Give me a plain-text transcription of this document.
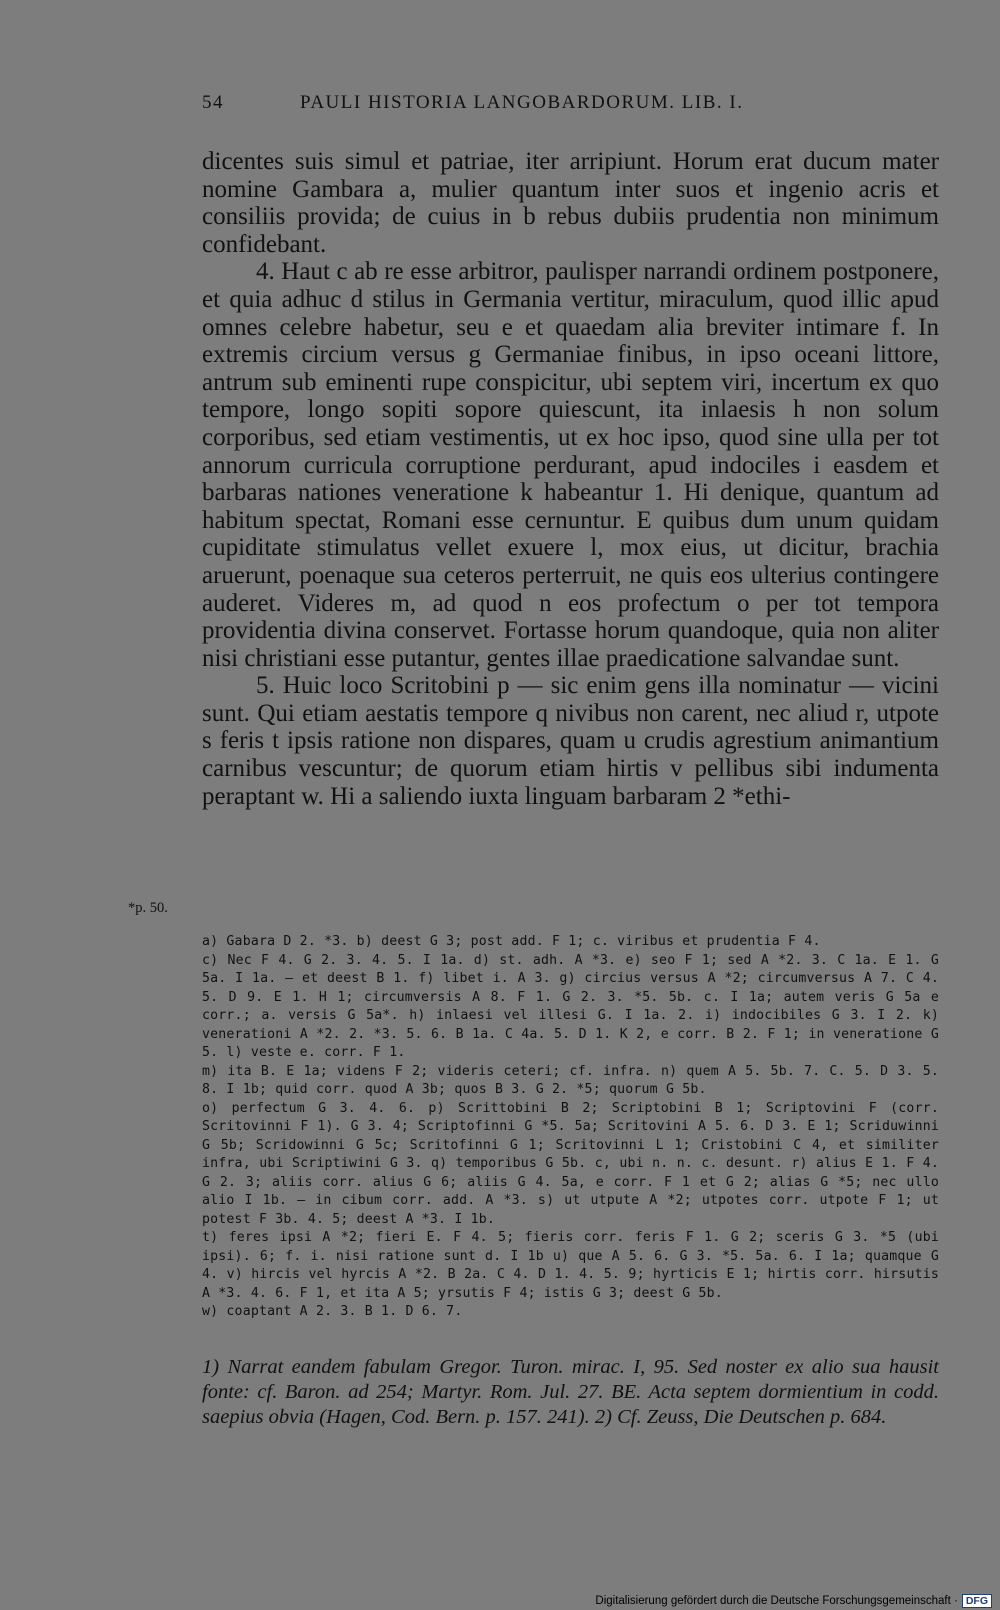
54	PAULI HISTORIA LANGOBARDORUM. LIB. I.

dicentes suis simul et patriae, iter arripiunt. Horum erat ducum mater nomine Gambara a, mulier quantum inter suos et ingenio acris et consiliis provida; de cuius in b rebus dubiis prudentia non minimum confidebant.

4. Haut c ab re esse arbitror, paulisper narrandi ordinem postponere, et quia adhuc d stilus in Germania vertitur, miraculum, quod illic apud omnes celebre habetur, seu e et quaedam alia breviter intimare f. In extremis circium versus g Germaniae finibus, in ipso oceani littore, antrum sub eminenti rupe conspicitur, ubi septem viri, incertum ex quo tempore, longo sopiti sopore quiescunt, ita inlaesis h non solum corporibus, sed etiam vestimentis, ut ex hoc ipso, quod sine ulla per tot annorum curricula corruptione perdurant, apud indociles i easdem et barbaras nationes veneratione k habeantur 1. Hi denique, quantum ad habitum spectat, Romani esse cernuntur. E quibus dum unum quidam cupiditate stimulatus vellet exuere l, mox eius, ut dicitur, brachia aruerunt, poenaque sua ceteros perterruit, ne quis eos ulterius contingere auderet. Videres m, ad quod n eos profectum o per tot tempora providentia divina conservet. Fortasse horum quandoque, quia non aliter nisi christiani esse putantur, gentes illae praedicatione salvandae sunt.

5. Huic loco Scritobini p — sic enim gens illa nominatur — vicini sunt. Qui etiam aestatis tempore q nivibus non carent, nec aliud r, utpote s feris t ipsis ratione non dispares, quam u crudis agrestium animantium carnibus vescuntur; de quorum etiam hirtis v pellibus sibi indumenta peraptant w. Hi a saliendo iuxta linguam barbaram 2 *ethi-

*p. 50.

a) Gabara D 2. *3. b) deest G 3; post add. F 1; c. viribus et prudentia F 4.

c) Nec F 4. G 2. 3. 4. 5. I 1a. d) st. adh. A *3. e) seo F 1; sed A *2. 3. C 1a. E 1. G 5a. I 1a. — et deest B 1. f) libet i. A 3. g) circius versus A *2; circumversus A 7. C 4. 5. D 9. E 1. H 1; circumversis A 8. F 1. G 2. 3. *5. 5b. c. I 1a; autem veris G 5a e corr.; a. versis G 5a*. h) inlaesi vel illesi G. I 1a. 2. i) indocibiles G 3. I 2. k) venerationi A *2. 2. *3. 5. 6. B 1a. C 4a. 5. D 1. K 2, e corr. B 2. F 1; in veneratione G 5. l) veste e. corr. F 1.

m) ita B. E 1a; videns F 2; videris ceteri; cf. infra. n) quem A 5. 5b. 7. C. 5. D 3. 5. 8. I 1b; quid corr. quod A 3b; quos B 3. G 2. *5; quorum G 5b.

o) perfectum G 3. 4. 6. p) Scrittobini B 2; Scriptobini B 1; Scriptovini F (corr. Scritovinni F 1). G 3. 4; Scriptofinni G *5. 5a; Scritovini A 5. 6. D 3. E 1; Scriduwinni G 5b; Scridowinni G 5c; Scritofinni G 1; Scritovinni L 1; Cristobini C 4, et similiter infra, ubi Scriptiwini G 3. q) temporibus G 5b. c, ubi n. n. c. desunt. r) alius E 1. F 4. G 2. 3; aliis corr. alius G 6; aliis G 4. 5a, e corr. F 1 et G 2; alias G *5; nec ullo alio I 1b. — in cibum corr. add. A *3. s) ut utpute A *2; utpotes corr. utpote F 1; ut potest F 3b. 4. 5; deest A *3. I 1b.

t) feres ipsi A *2; fieri E. F 4. 5; fieris corr. feris F 1. G 2; sceris G 3. *5 (ubi ipsi). 6; f. i. nisi ratione sunt d. I 1b u) que A 5. 6. G 3. *5. 5a. 6. I 1a; quamque G 4. v) hircis vel hyrcis A *2. B 2a. C 4. D 1. 4. 5. 9; hyrticis E 1; hirtis corr. hirsutis A *3. 4. 6. F 1, et ita A 5; yrsutis F 4; istis G 3; deest G 5b.

w) coaptant A 2. 3. B 1. D 6. 7.

1) Narrat eandem fabulam Gregor. Turon. mirac. I, 95. Sed noster ex alio sua hausit fonte: cf. Baron. ad 254; Martyr. Rom. Jul. 27. BE. Acta septem dormientium in codd. saepius obvia (Hagen, Cod. Bern. p. 157. 241). 2) Cf. Zeuss, Die Deutschen p. 684.

Digitalisierung gefördert durch die Deutsche Forschungsgemeinschaft · DFG
